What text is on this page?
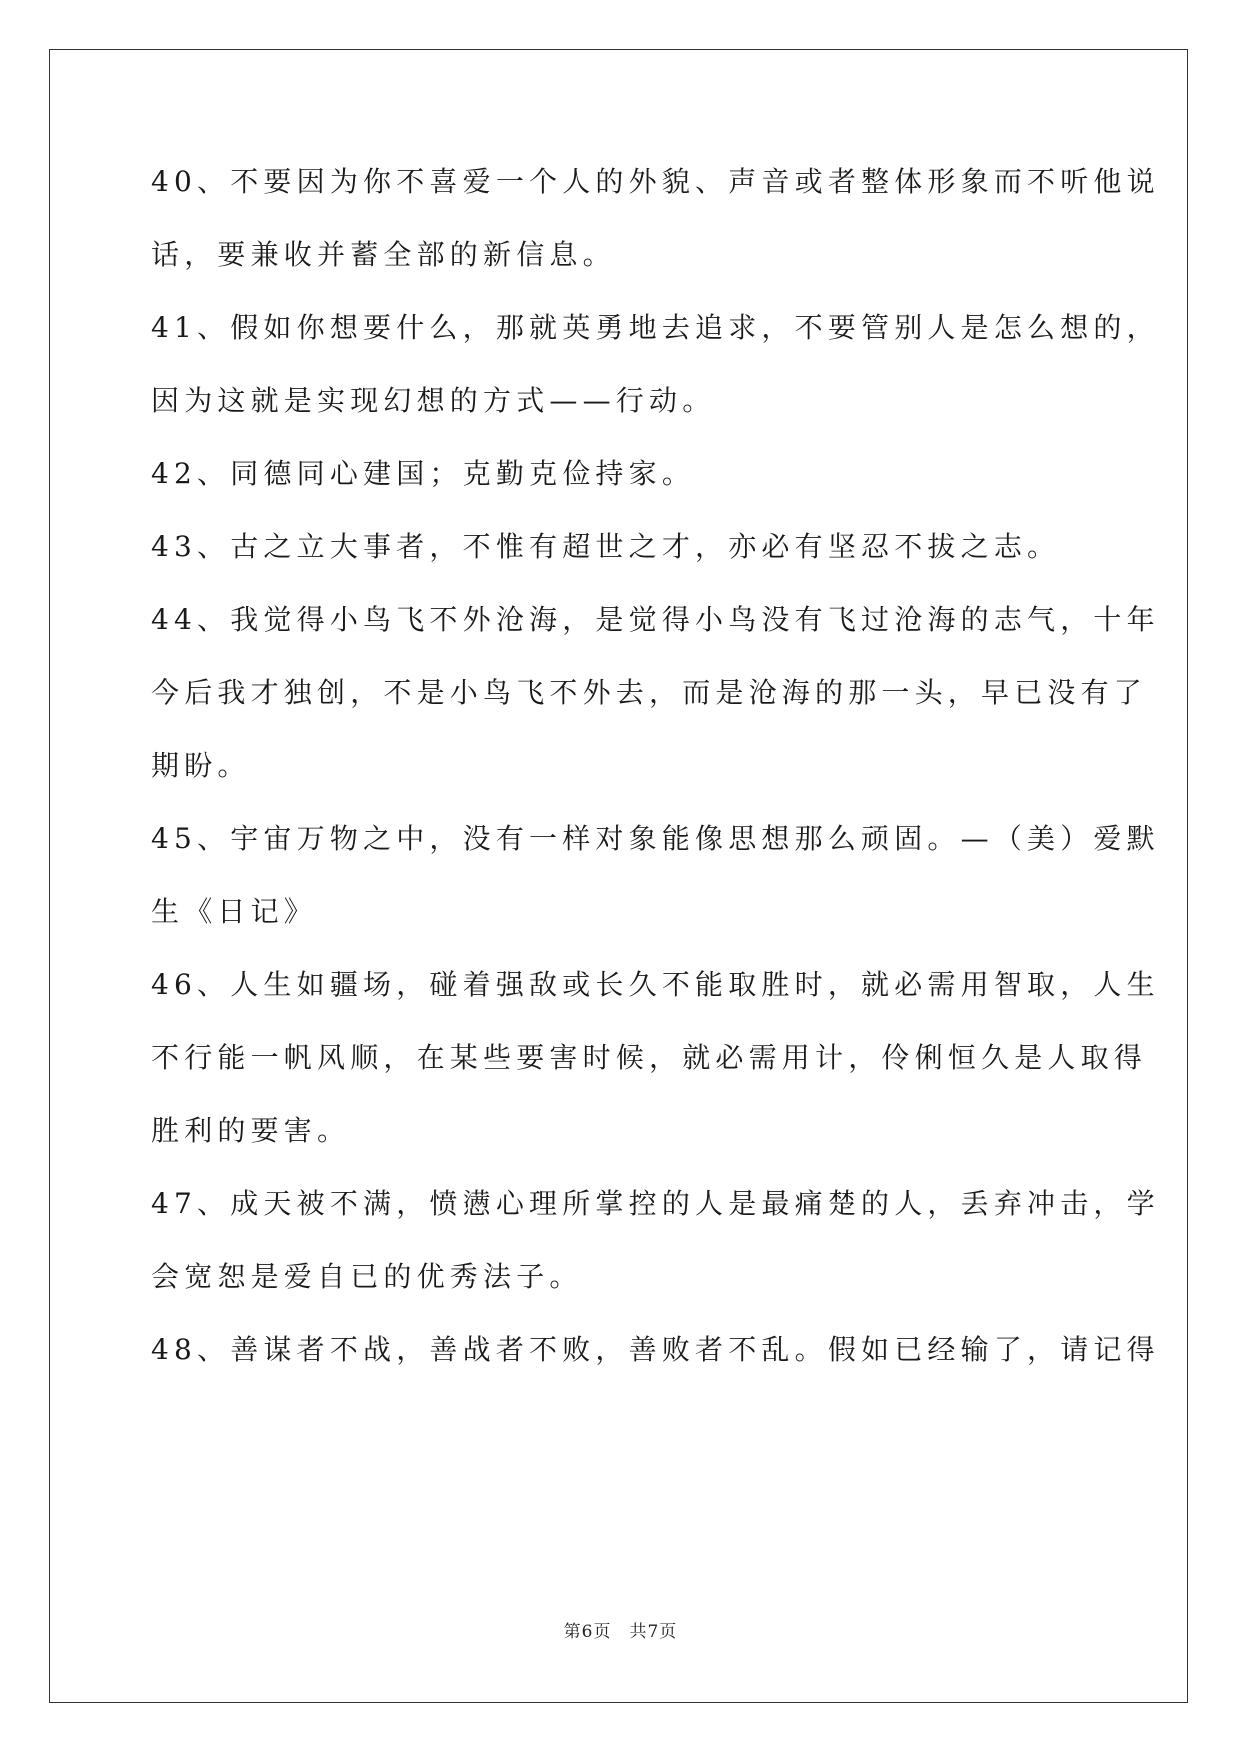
40、不要因为你不喜爱一个人的外貌、声音或者整体形象而不听他说
话，要兼收并蓄全部的新信息。
41、假如你想要什么，那就英勇地去追求，不要管别人是怎么想的，
因为这就是实现幻想的方式——行动。
42、同德同心建国；克勤克俭持家。
43、古之立大事者，不惟有超世之才，亦必有坚忍不拔之志。
44、我觉得小鸟飞不外沧海，是觉得小鸟没有飞过沧海的志气，十年
今后我才独创，不是小鸟飞不外去，而是沧海的那一头，早已没有了
期盼。
45、宇宙万物之中，没有一样对象能像思想那么顽固。—（美）爱默
生《日记》
46、人生如疆场，碰着强敌或长久不能取胜时，就必需用智取，人生
不行能一帆风顺，在某些要害时候，就必需用计，伶俐恒久是人取得
胜利的要害。
47、成天被不满，愤懑心理所掌控的人是最痛楚的人，丢弃冲击，学
会宽恕是爱自已的优秀法子。
48、善谋者不战，善战者不败，善败者不乱。假如已经输了，请记得
第6页　共7页
